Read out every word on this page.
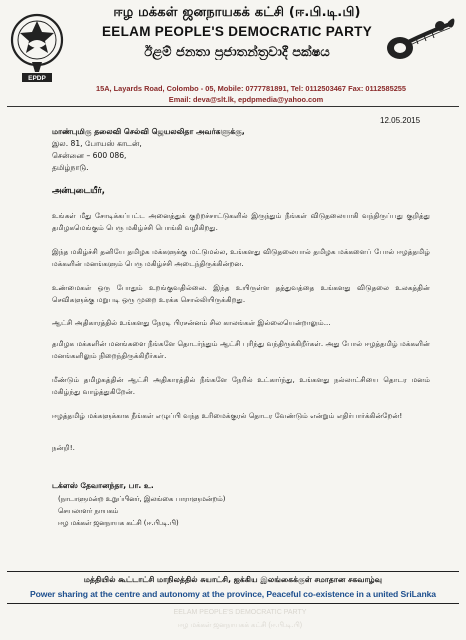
EPDP
ஈழ மக்கள் ஜனநாயகக் கட்சி (ஈ.பி.டி.பி)
EELAM PEOPLE'S DEMOCRATIC PARTY
ඊළම් ජනතා ප්‍රජාතන්ත්‍රවාදී පක්ෂය
15A, Layards Road, Colombo - 05, Mobile: 0777781891, Tel: 0112503467 Fax: 0112585255
Email: deva@slt.lk, epdpmedia@yahoo.com
12.05.2015
மாண்புமிகு தலைவி செல்வி ஜெயலலிதா அவர்களுக்கு,
இல. 81, போயஸ் காடன்,
சென்னை – 600 086,
தமிழ்நாடு.
அன்புடையீர்,
உங்கள் மீது சோடிக்கப்பட்ட அனைத்துக் குற்றச்சாட்டுகளில் இருந்தும் நீங்கள் விடுதலையாகி வந்திருப்பது குறித்து தமிழகமெங்கும் பெரு மகிழ்ச்சி பொங்கி வழிகிறது.
இந்த மகிழ்ச்சி தனியே தமிழக மக்களுக்கு மட்டுமல்ல, உங்களது விடுதலையால் தமிழக மக்களைப் போல் ஈழத்தமிழ் மக்களின் மனங்களும் பெரு மகிழ்ச்சி அடைந்திருக்கின்றன.
உண்மைகள் ஒரு போதும் உறங்குவதில்லை. இந்த உயிருள்ள தத்துவத்தை உங்களது விடுதலை உலகத்தின் செவிகளுக்கு மறுபடி ஒரு முறை உரக்க சொல்லியிருக்கிறது.
ஆட்சி அதிகாரத்தில் உங்களது நேரடி பிரசன்னம் சில காலங்கள் இல்லையென்றாலும்...
தமிழக மக்களின் மனங்களை நீங்களே தொடர்ந்தும் ஆட்சி புரிந்து வந்திருக்கிறீர்கள். அது போல் ஈழத்தமிழ் மக்களின் மனங்களிலும் நிறைந்திருக்கிறீர்கள்.
மீண்டும் தமிழகத்தின் ஆட்சி அதிகாரத்தில் நீங்களே நேரில் உட்கார்ந்து, உங்களது நல்லாட்சியை தொடர மனம் மகிழ்ந்து வாழ்த்துகிறேன்.
ஈழத்தமிழ் மக்களுக்காக நீங்கள் எழுப்பி வந்த உரிமைக்குரல் தொடர வேண்டும் என்றும் எதிர்பார்க்கின்றேன்!
நன்றி!.
டக்ளஸ் தேவானந்தா, பா. உ.
(நாடாளுமன்ற உறுப்பினர், இலங்கை பாராளுமன்றம்)
செயலாளர் நாயகம்
ஈழ மக்கள் ஜனநாயக கட்சி (ஈ.பி.டி.பி)
மத்தியில் கூட்டாட்சி மாநிலத்தில் சுயாட்சி, ஐக்கிய இலங்கைக்குள் சமாதான சகவாழ்வு
Power sharing at the centre and autonomy at the province, Peaceful co-existence in a united SriLanka
EELAM PEOPLE'S DEMOCRATIC PARTY
ஈழ மக்கள் ஜனநாயகக் கட்சி (ஈ.பி.டி.பி)
